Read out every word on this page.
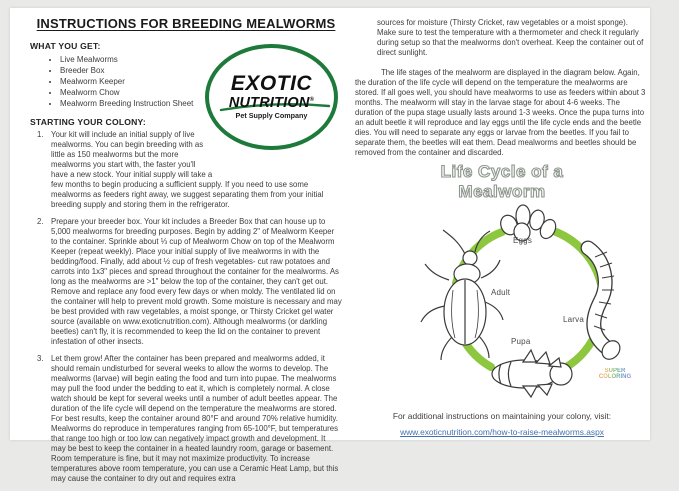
EXOTIC
NUTRITION®
Pet Supply Company
INSTRUCTIONS FOR BREEDING MEALWORMS
WHAT YOU GET:
• Live Mealworms
• Breeder Box
• Mealworm Keeper
• Mealworm Chow
• Mealworm Breeding Instruction Sheet
STARTING YOUR COLONY:
Your kit will include an initial supply of live mealworms. You can begin breeding with as little as 150 mealworms but the more mealworms you start with, the faster you'll have a new stock. Your initial supply will take a few months to begin producing a sufficient supply. If you need to use some mealworms as feeders right away, we suggest separating them from your initial breeding supply and storing them in the refrigerator.
Prepare your breeder box. Your kit includes a Breeder Box that can house up to 5,000 mealworms for breeding purposes. Begin by adding 2" of Mealworm Keeper to the container. Sprinkle about ⅓ cup of Mealworm Chow on top of the Mealworm Keeper (repeat weekly). Place your initial supply of live mealworms in with the bedding/food. Finally, add about ½ cup of fresh vegetables- cut raw potatoes and carrots into 1x3" pieces and spread throughout the container for the mealworms. As long as the mealworms are >1" below the top of the container, they can't get out. Remove and replace any food every few days or when moldy. The ventilated lid on the container will help to prevent mold growth. Some moisture is necessary and may be best provided with raw vegetables, a moist sponge, or Thirsty Cricket gel water source (available on www.exoticnutrition.com). Although mealworms (or darkling beetles) can't fly, it is recommended to keep the lid on the container to prevent infestation of other insects.
Let them grow! After the container has been prepared and mealworms added, it should remain undisturbed for several weeks to allow the worms to develop. The mealworms (larvae) will begin eating the food and turn into pupae. The mealworms may pull the food under the bedding to eat it, which is completely normal. A close watch should be kept for several weeks until a number of adult beetles appear. The duration of the life cycle will depend on the temperature the mealworms are stored. For best results, keep the container around 80°F and around 70% relative humidity. Mealworms do reproduce in temperatures ranging from 65-100°F, but temperatures that range too high or too low can negatively impact growth and development. It may be best to keep the container in a heated laundry room, garage or basement. Room temperature is fine, but it may not maximize productivity. To increase temperatures above room temperature, you can use a Ceramic Heat Lamp, but this may cause the container to dry out and requires extra
sources for moisture (Thirsty Cricket, raw vegetables or a moist sponge). Make sure to test the temperature with a thermometer and check it regularly during setup so that the mealworms don't overheat. Keep the container out of direct sunlight.
The life stages of the mealworm are displayed in the diagram below. Again, the duration of the life cycle will depend on the temperature the mealworms are stored. If all goes well, you should have mealworms to use as feeders within about 3 months. The mealworm will stay in the larvae stage for about 4-6 weeks. The duration of the pupa stage usually lasts around 1-3 weeks. Once the pupa turns into an adult beetle it will reproduce and lay eggs until the life cycle ends and the beetle dies. You will need to separate any eggs or larvae from the beetles. If you fail to separate them, the beetles will eat them. Dead mealworms and beetles should be removed from the container and discarded.
Life Cycle of a Mealworm
Eggs
Larva
Pupa
Adult
SUPER
COLORING
For additional instructions on maintaining your colony, visit:
www.exoticnutrition.com/how-to-raise-mealworms.aspx
